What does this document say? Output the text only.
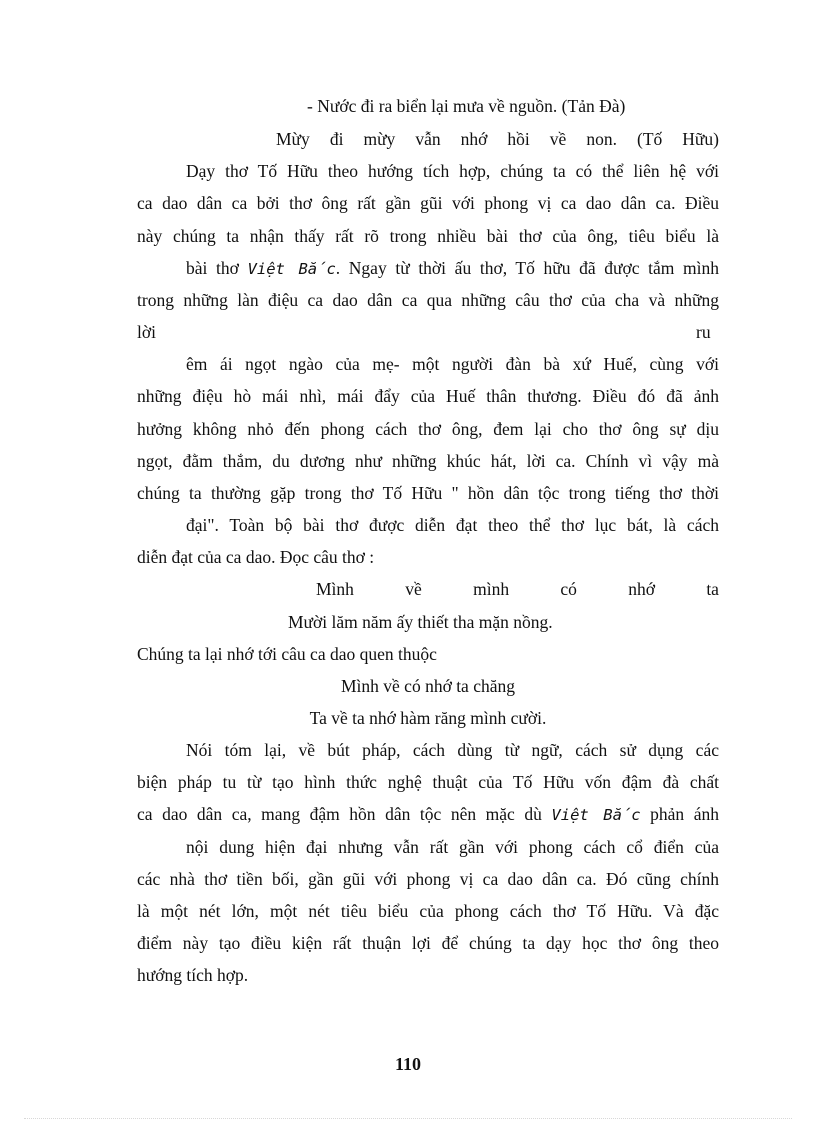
- Nước đi ra biển lại mưa về nguồn. (Tản Đà)
Mừy đi mừy vẫn nhớ hồi về non. (Tố Hữu)
Dạy thơ Tố Hữu theo hướng tích hợp, chúng ta có thể liên hệ với
ca dao dân ca bởi thơ ông rất gần gũi với phong vị ca dao dân ca. Điều
này chúng ta nhận thấy rất rõ trong nhiều bài thơ của ông, tiêu biểu là
bài thơ Việt Bắc. Ngay từ thời ấu thơ, Tố hữu đã được tắm mình
trong những làn điệu ca dao dân ca qua những câu thơ của cha và những
lời	ru
êm ái ngọt ngào của mẹ- một người đàn bà xứ Huế, cùng với
những điệu hò mái nhì, mái đẩy của Huế thân thương. Điều đó đã ảnh
hưởng không nhỏ đến phong cách thơ ông, đem lại cho thơ ông sự dịu
ngọt, đằm thắm, du dương như những khúc hát, lời ca. Chính vì vậy mà
chúng ta thường gặp trong thơ Tố Hữu " hồn dân tộc trong tiếng thơ thời
đại". Toàn bộ bài thơ được diễn đạt theo thể thơ lục bát, là cách
diễn đạt của ca dao. Đọc câu thơ :
Mình	về	mình	có	nhớ	ta
Mười lăm năm ấy thiết tha mặn nồng.
Chúng ta lại nhớ tới câu ca dao quen thuộc
Mình về có nhớ ta chăng
Ta về ta nhớ hàm răng mình cười.
Nói tóm lại, về bút pháp, cách dùng từ ngữ, cách sử dụng các
biện pháp tu từ tạo hình thức nghệ thuật của Tố Hữu vốn đậm đà chất
ca dao dân ca, mang đậm hồn dân tộc nên mặc dù Việt Bắc phản ánh
nội dung hiện đại nhưng vẫn rất gần với phong cách cổ điển của
các nhà thơ tiền bối, gần gũi với phong vị ca dao dân ca. Đó cũng chính
là một nét lớn, một nét tiêu biểu của phong cách thơ Tố Hữu. Và đặc
điểm này tạo điều kiện rất thuận lợi để chúng ta dạy học thơ ông theo
hướng tích hợp.
110
